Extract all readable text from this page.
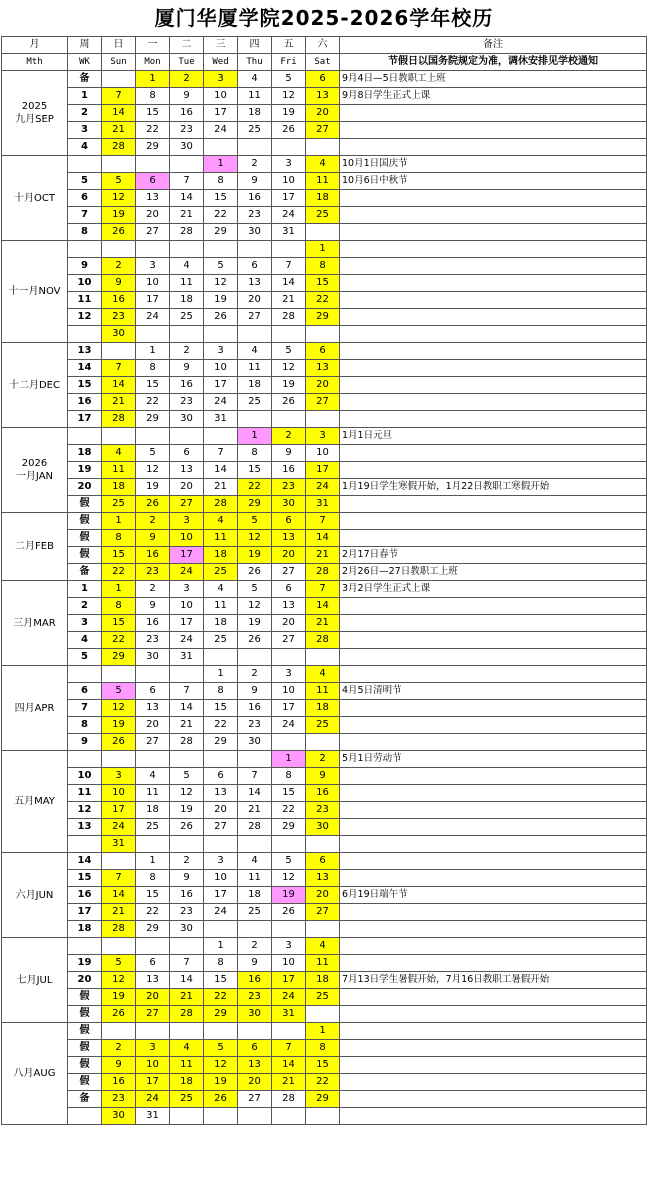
厦门华厦学院2025-2026学年校历
月	周	日	一	二	三	四	五	六	备注
Mth	WK	Sun	Mon	Tue	Wed	Thu	Fri	Sat	节假日以国务院规定为准，调休安排见学校通知
2025
九月SEP	备		1	2	3	4	5	6	9月4日—5日教职工上班
	1	7	8	9	10	11	12	13	9月8日学生正式上课
	2	14	15	16	17	18	19	20	
	3	21	22	23	24	25	26	27	
	4	28	29	30					
十月OCT					1	2	3	4	10月1日国庆节
	5	5	6	7	8	9	10	11	10月6日中秋节
	6	12	13	14	15	16	17	18	
	7	19	20	21	22	23	24	25	
	8	26	27	28	29	30	31		
十一月NOV								1	
	9	2	3	4	5	6	7	8	
	10	9	10	11	12	13	14	15	
	11	16	17	18	19	20	21	22	
	12	23	24	25	26	27	28	29	
		30							
十二月DEC	13		1	2	3	4	5	6	
	14	7	8	9	10	11	12	13	
	15	14	15	16	17	18	19	20	
	16	21	22	23	24	25	26	27	
	17	28	29	30	31				
2026
一月JAN						1	2	3	1月1日元旦
	18	4	5	6	7	8	9	10	
	19	11	12	13	14	15	16	17	
	20	18	19	20	21	22	23	24	1月19日学生寒假开始，1月22日教职工寒假开始
	假	25	26	27	28	29	30	31	
二月FEB	假	1	2	3	4	5	6	7	
	假	8	9	10	11	12	13	14	
	假	15	16	17	18	19	20	21	2月17日春节
	备	22	23	24	25	26	27	28	2月26日—27日教职工上班
三月MAR	1	1	2	3	4	5	6	7	3月2日学生正式上课
	2	8	9	10	11	12	13	14	
	3	15	16	17	18	19	20	21	
	4	22	23	24	25	26	27	28	
	5	29	30	31					
四月APR					1	2	3	4	
	6	5	6	7	8	9	10	11	4月5日清明节
	7	12	13	14	15	16	17	18	
	8	19	20	21	22	23	24	25	
	9	26	27	28	29	30			
五月MAY							1	2	5月1日劳动节
	10	3	4	5	6	7	8	9	
	11	10	11	12	13	14	15	16	
	12	17	18	19	20	21	22	23	
	13	24	25	26	27	28	29	30	
		31							
六月JUN	14		1	2	3	4	5	6	
	15	7	8	9	10	11	12	13	
	16	14	15	16	17	18	19	20	6月19日端午节
	17	21	22	23	24	25	26	27	
	18	28	29	30					
七月JUL					1	2	3	4	
	19	5	6	7	8	9	10	11	
	20	12	13	14	15	16	17	18	7月13日学生暑假开始，7月16日教职工暑假开始
	假	19	20	21	22	23	24	25	
	假	26	27	28	29	30	31		
八月AUG	假							1	
	假	2	3	4	5	6	7	8	
	假	9	10	11	12	13	14	15	
	假	16	17	18	19	20	21	22	
	备	23	24	25	26	27	28	29	
		30	31						
